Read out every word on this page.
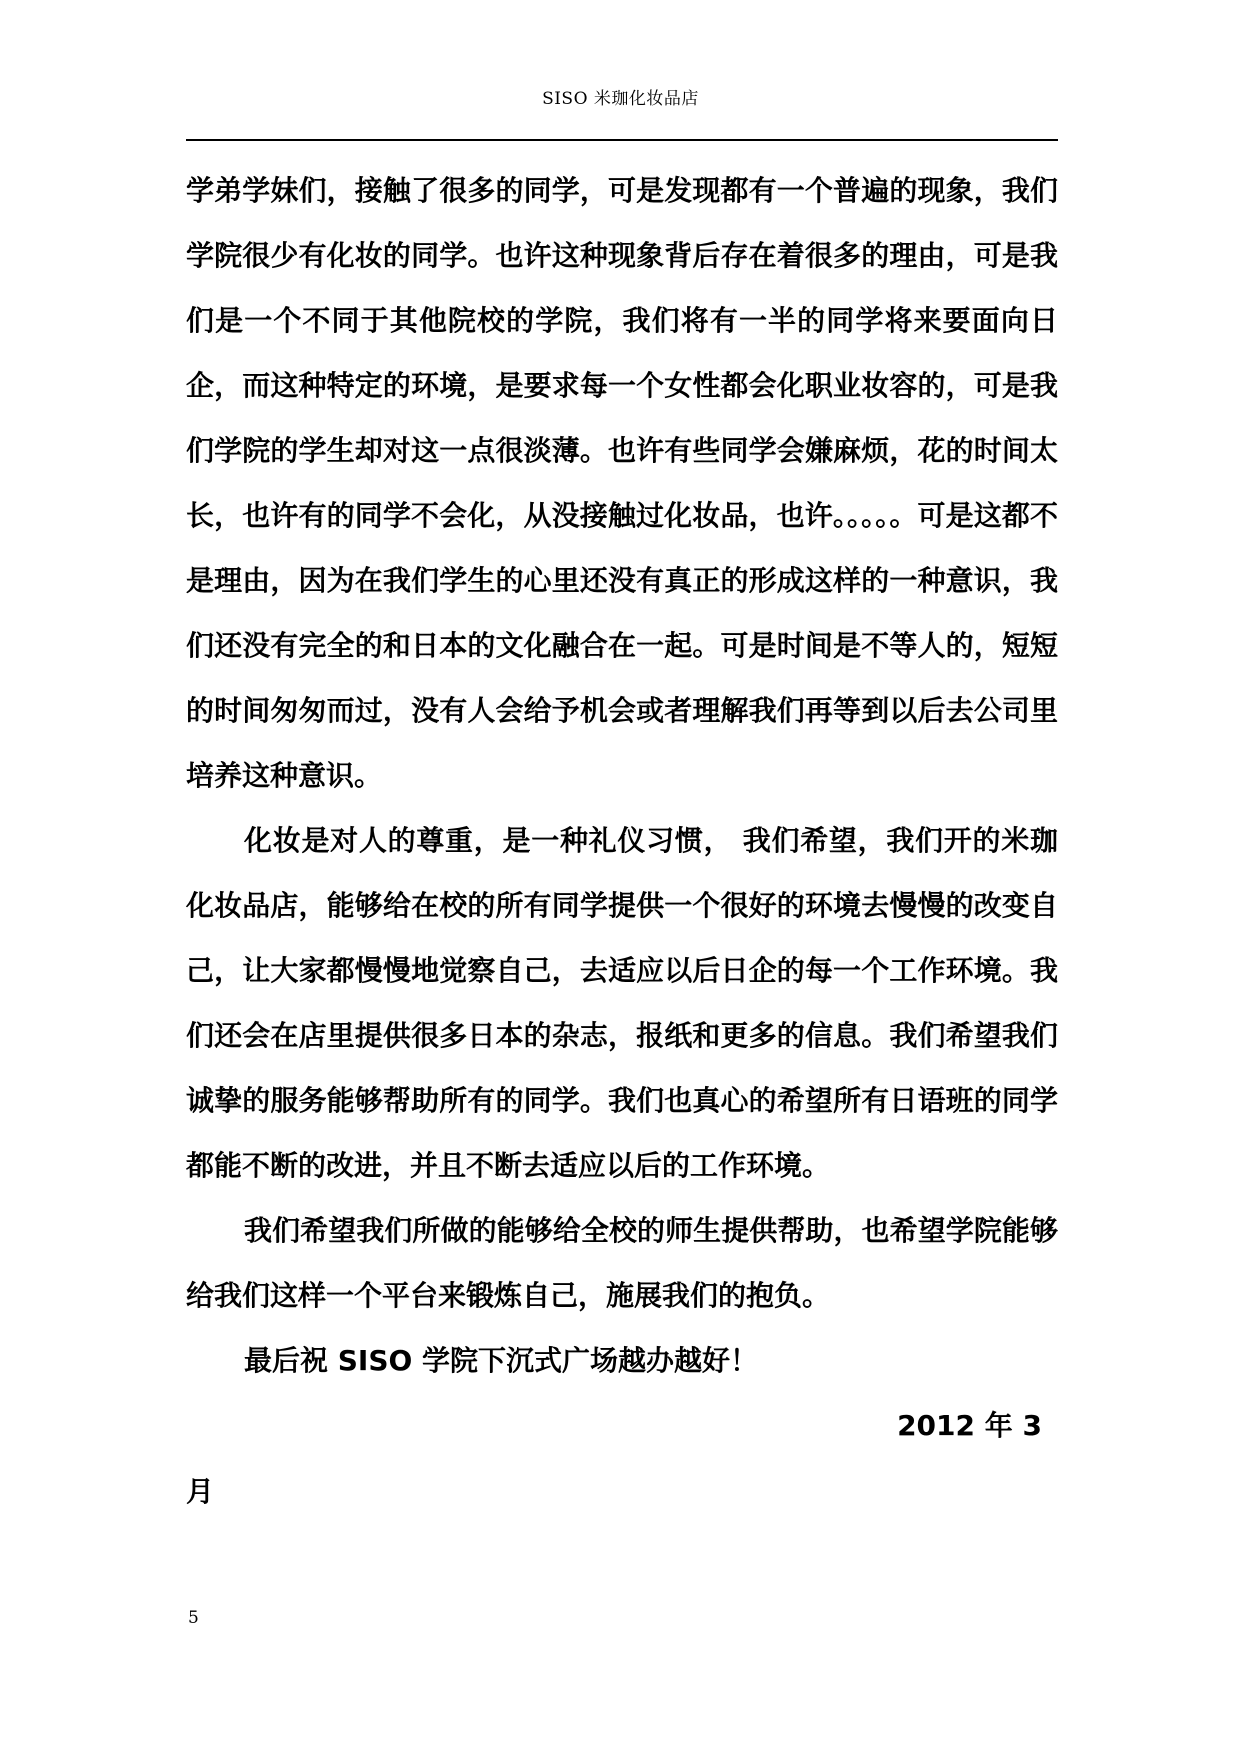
SISO 米珈化妆品店

学弟学妹们，接触了很多的同学，可是发现都有一个普遍的现象，我们学院很少有化妆的同学。也许这种现象背后存在着很多的理由，可是我们是一个不同于其他院校的学院，我们将有一半的同学将来要面向日企，而这种特定的环境，是要求每一个女性都会化职业妆容的，可是我们学院的学生却对这一点很淡薄。也许有些同学会嫌麻烦，花的时间太长，也许有的同学不会化，从没接触过化妆品，也许。。。。。可是这都不是理由，因为在我们学生的心里还没有真正的形成这样的一种意识，我们还没有完全的和日本的文化融合在一起。可是时间是不等人的，短短的时间匆匆而过，没有人会给予机会或者理解我们再等到以后去公司里培养这种意识。

化妆是对人的尊重，是一种礼仪习惯， 我们希望，我们开的米珈化妆品店，能够给在校的所有同学提供一个很好的环境去慢慢的改变自己，让大家都慢慢地觉察自己，去适应以后日企的每一个工作环境。我们还会在店里提供很多日本的杂志，报纸和更多的信息。我们希望我们诚挚的服务能够帮助所有的同学。我们也真心的希望所有日语班的同学都能不断的改进，并且不断去适应以后的工作环境。

我们希望我们所做的能够给全校的师生提供帮助，也希望学院能够给我们这样一个平台来锻炼自己，施展我们的抱负。

最后祝 SISO 学院下沉式广场越办越好！

2012 年 3

月

5
